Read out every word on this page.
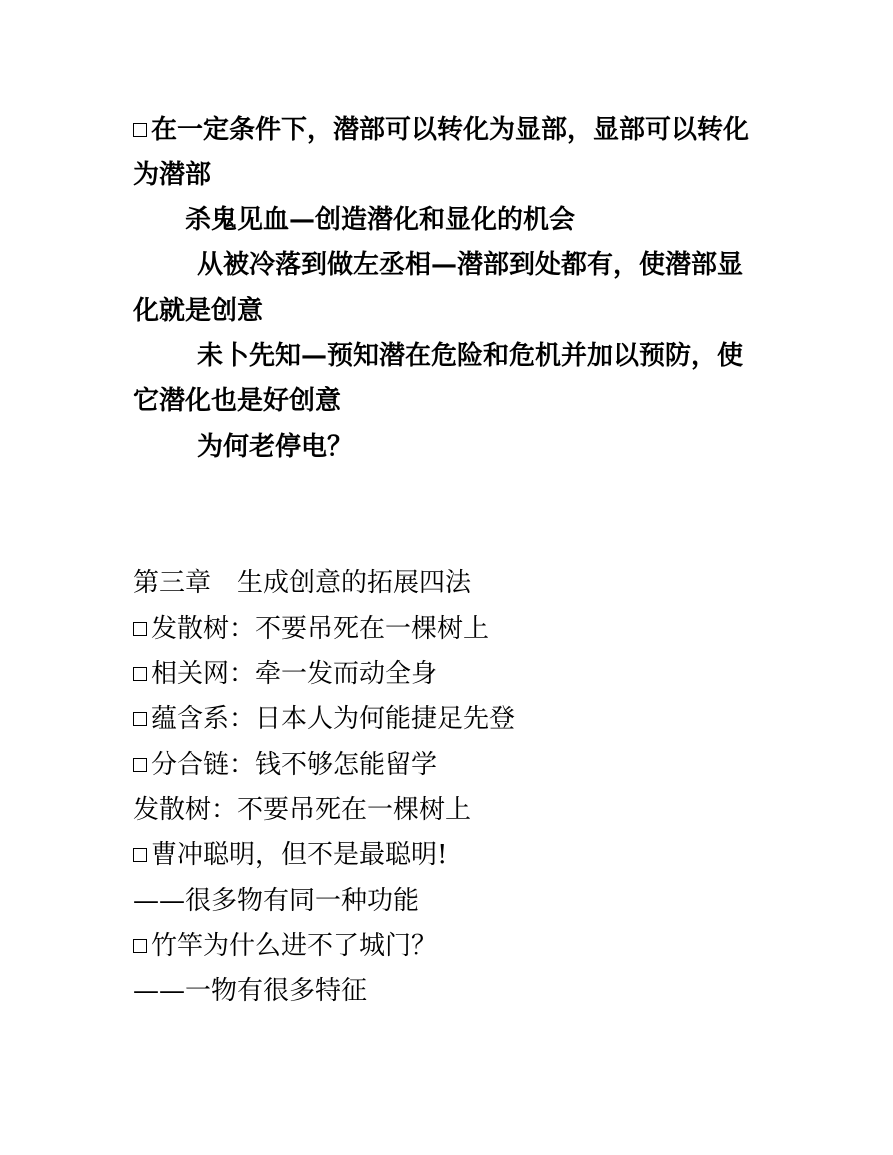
在一定条件下，潜部可以转化为显部，显部可以转化
为潜部
杀鬼见血—创造潜化和显化的机会
从被冷落到做左丞相—潜部到处都有，使潜部显
化就是创意
未卜先知—预知潜在危险和危机并加以预防，使
它潜化也是好创意
为何老停电？
第三章　生成创意的拓展四法
发散树：不要吊死在一棵树上
相关网：牵一发而动全身
蕴含系：日本人为何能捷足先登
分合链：钱不够怎能留学
发散树：不要吊死在一棵树上
曹冲聪明，但不是最聪明!
——很多物有同一种功能
竹竿为什么进不了城门？
——一物有很多特征
